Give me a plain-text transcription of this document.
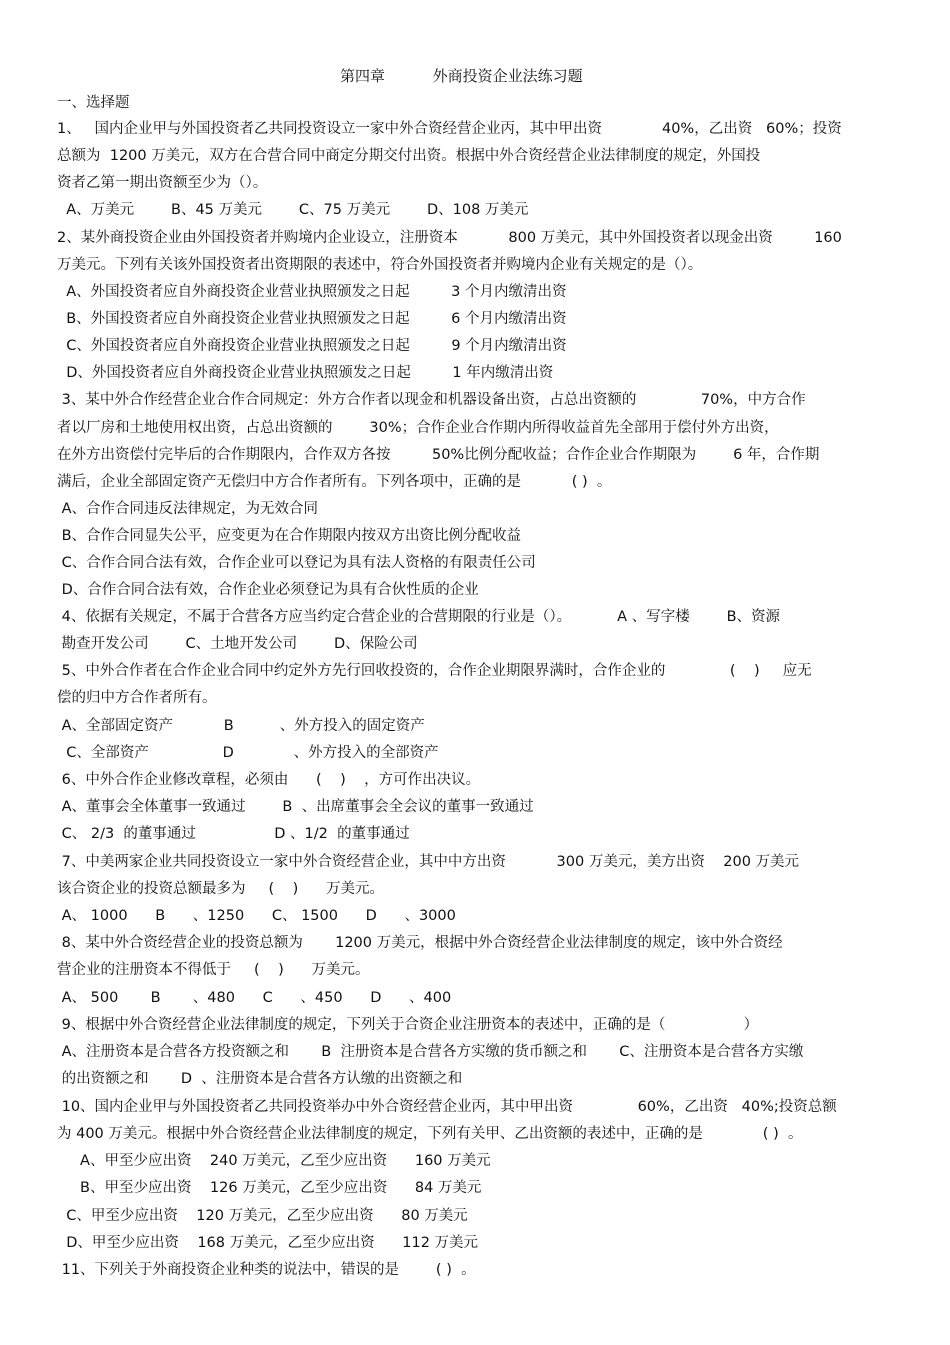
第四章          外商投资企业法练习题
一、选择题
1、   国内企业甲与外国投资者乙共同投资设立一家中外合资经营企业丙，其中甲出资             40%，乙出资   60%；投资
总额为  1200 万美元，双方在合营合同中商定分期交付出资。根据中外合资经营企业法律制度的规定，外国投
资者乙第一期出资额至少为（）。
A、万美元        B、45 万美元        C、75 万美元        D、108 万美元
2、某外商投资企业由外国投资者并购境内企业设立，注册资本           800 万美元，其中外国投资者以现金出资         160
万美元。下列有关该外国投资者出资期限的表述中，符合外国投资者并购境内企业有关规定的是（）。
A、外国投资者应自外商投资企业营业执照颁发之日起         3 个月内缴清出资
B、外国投资者应自外商投资企业营业执照颁发之日起         6 个月内缴清出资
C、外国投资者应自外商投资企业营业执照颁发之日起         9 个月内缴清出资
D、外国投资者应自外商投资企业营业执照颁发之日起         1 年内缴清出资
3、某中外合作经营企业合作合同规定：外方合作者以现金和机器设备出资，占总出资额的              70%，中方合作
者以厂房和土地使用权出资，占总出资额的        30%；合作企业合作期内所得收益首先全部用于偿付外方出资，
在外方出资偿付完毕后的合作期限内，合作双方各按         50%比例分配收益；合作企业合作期限为        6 年，合作期
满后，企业全部固定资产无偿归中方合作者所有。下列各项中，正确的是           ( )  。
A、合作合同违反法律规定，为无效合同
B、合作合同显失公平，应变更为在合作期限内按双方出资比例分配收益
C、合作合同合法有效，合作企业可以登记为具有法人资格的有限责任公司
D、合作合同合法有效，合作企业必须登记为具有合伙性质的企业
4、依据有关规定，不属于合营各方应当约定合营企业的合营期限的行业是（）。          A 、写字楼        B、资源
勘查开发公司        C、土地开发公司        D、保险公司
5、中外合作者在合作企业合同中约定外方先行回收投资的，合作企业期限界满时，合作企业的              (    )     应无
偿的归中方合作者所有。
A、全部固定资产           B          、外方投入的固定资产
C、全部资产                D             、外方投入的全部资产
6、中外合作企业修改章程，必须由      (    )    ，方可作出决议。
A、董事会全体董事一致通过        B  、出席董事会全会议的董事一致通过
C、 2/3  的董事通过                 D 、1/2  的董事通过
7、中美两家企业共同投资设立一家中外合资经营企业，其中中方出资           300 万美元，美方出资    200 万美元
该合资企业的投资总额最多为     (    )      万美元。
A、 1000      B      、1250      C、 1500      D      、3000
8、某中外合资经营企业的投资总额为       1200 万美元，根据中外合资经营企业法律制度的规定，该中外合资经
营企业的注册资本不得低于     (    )      万美元。
A、 500       B       、480      C      、450      D      、400
9、根据中外合资经营企业法律制度的规定，下列关于合资企业注册资本的表述中，正确的是（                 ）
A、注册资本是合营各方投资额之和       B  注册资本是合营各方实缴的货币额之和       C、注册资本是合营各方实缴
的出资额之和       D  、注册资本是合营各方认缴的出资额之和
10、国内企业甲与外国投资者乙共同投资举办中外合资经营企业丙，其中甲出资              60%，乙出资   40%;投资总额
为 400 万美元。根据中外合资经营企业法律制度的规定，下列有关甲、乙出资额的表述中，正确的是             ( )  。
A、甲至少应出资    240 万美元，乙至少应出资      160 万美元
B、甲至少应出资    126 万美元，乙至少应出资      84 万美元
C、甲至少应出资    120 万美元，乙至少应出资      80 万美元
D、甲至少应出资    168 万美元，乙至少应出资      112 万美元
11、下列关于外商投资企业种类的说法中，错误的是        ( )  。
